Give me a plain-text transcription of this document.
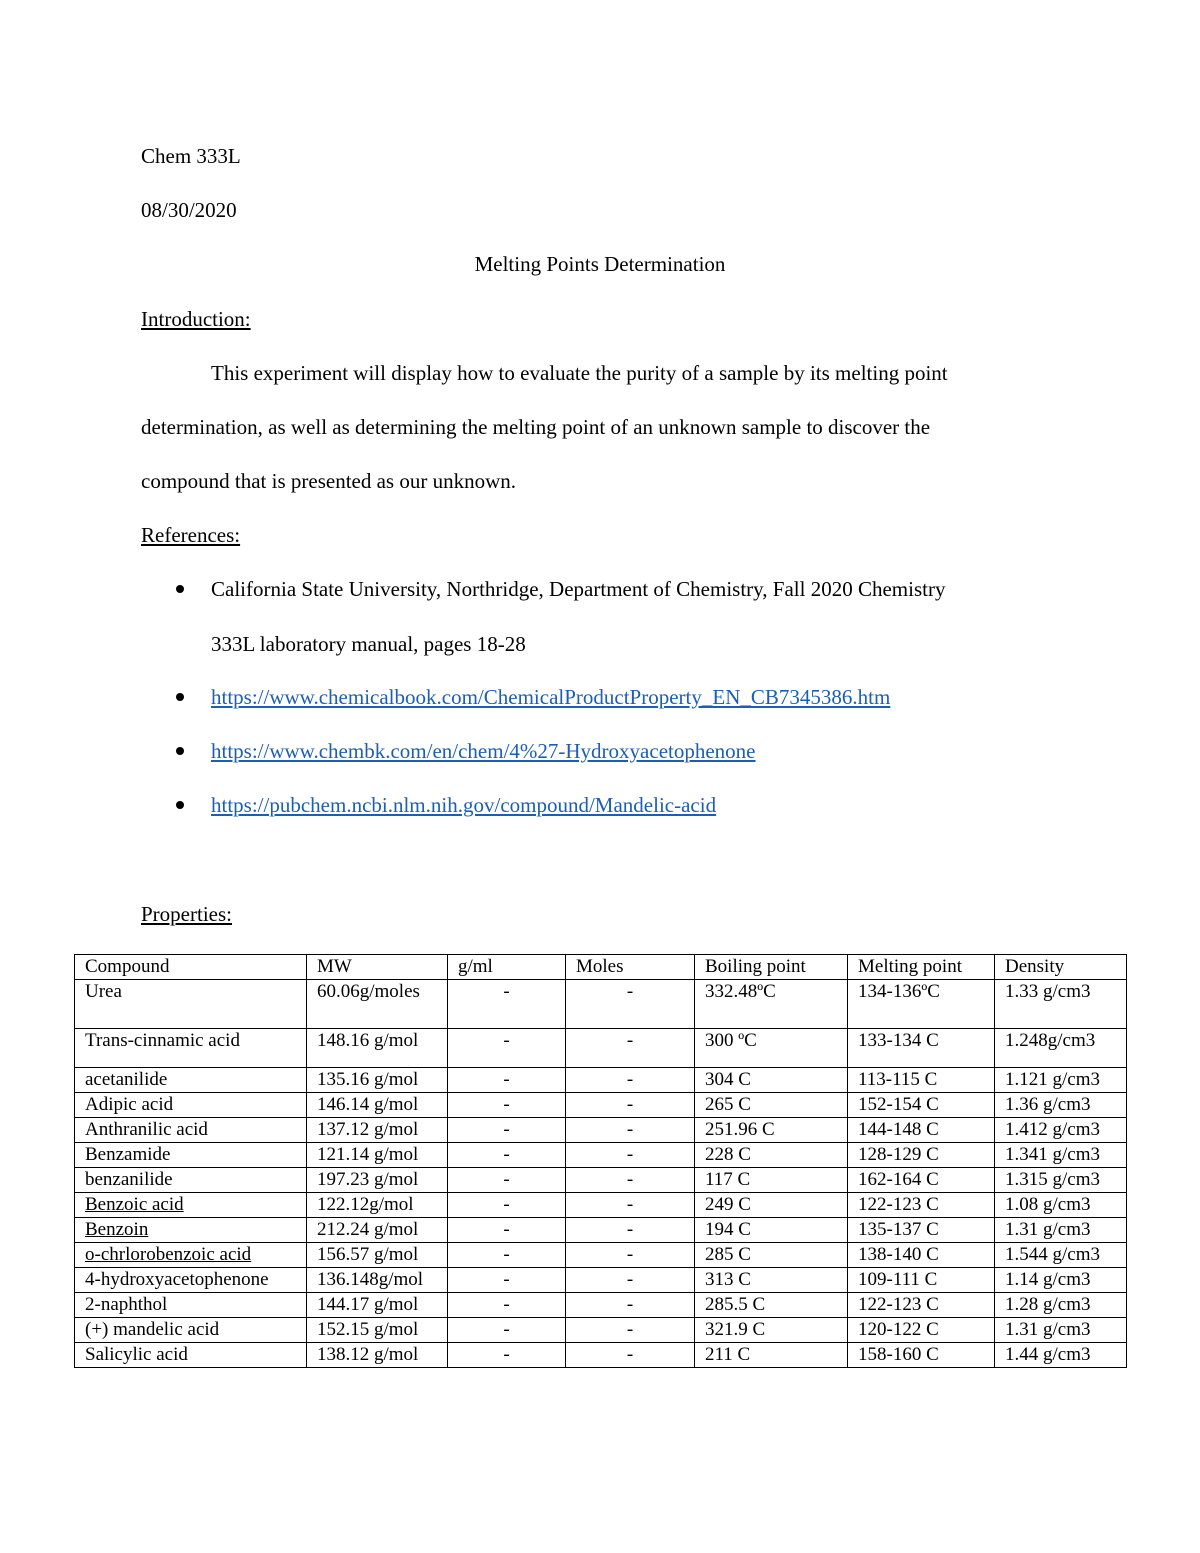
Chem 333L
08/30/2020
Melting Points Determination
Introduction:
This experiment will display how to evaluate the purity of a sample by its melting point
determination, as well as determining the melting point of an unknown sample to discover the
compound that is presented as our unknown.
References:
California State University, Northridge, Department of Chemistry, Fall 2020 Chemistry
333L laboratory manual, pages 18-28
https://www.chemicalbook.com/ChemicalProductProperty_EN_CB7345386.htm
https://www.chembk.com/en/chem/4%27-Hydroxyacetophenone
https://pubchem.ncbi.nlm.nih.gov/compound/Mandelic-acid
Properties:
Compound	MW	g/ml	Moles	Boiling point	Melting point	Density
Urea	60.06g/moles	-	-	332.48ºC	134-136ºC	1.33 g/cm3
Trans-cinnamic acid	148.16 g/mol	-	-	300 ºC	133-134 C	1.248g/cm3
acetanilide	135.16 g/mol	-	-	304 C	113-115 C	1.121 g/cm3
Adipic acid	146.14 g/mol	-	-	265 C	152-154 C	1.36 g/cm3
Anthranilic acid	137.12 g/mol	-	-	251.96 C	144-148 C	1.412 g/cm3
Benzamide	121.14 g/mol	-	-	228 C	128-129 C	1.341 g/cm3
benzanilide	197.23 g/mol	-	-	117 C	162-164 C	1.315 g/cm3
Benzoic acid	122.12g/mol	-	-	249 C	122-123 C	1.08 g/cm3
Benzoin	212.24 g/mol	-	-	194 C	135-137 C	1.31 g/cm3
o-chrlorobenzoic acid	156.57 g/mol	-	-	285 C	138-140 C	1.544 g/cm3
4-hydroxyacetophenone	136.148g/mol	-	-	313 C	109-111 C	1.14 g/cm3
2-naphthol	144.17 g/mol	-	-	285.5 C	122-123 C	1.28 g/cm3
(+) mandelic acid	152.15 g/mol	-	-	321.9 C	120-122 C	1.31 g/cm3
Salicylic acid	138.12 g/mol	-	-	211 C	158-160 C	1.44 g/cm3
